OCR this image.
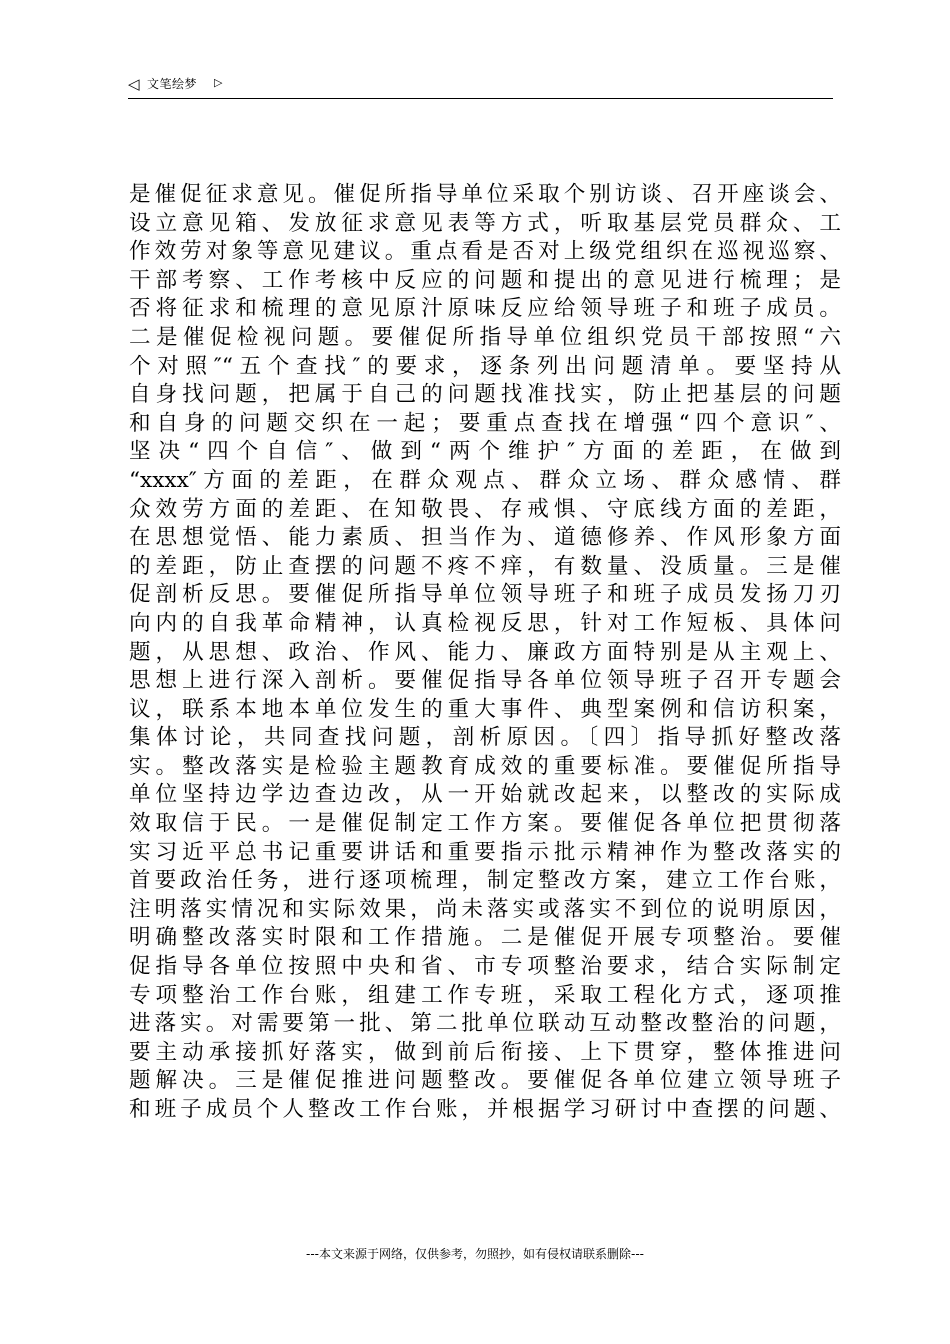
◁ 文笔绘梦 ▷
是催促征求意见。催促所指导单位采取个别访谈、召开座谈会、
设立意见箱、发放征求意见表等方式，听取基层党员群众、工
作效劳对象等意见建议。重点看是否对上级党组织在巡视巡察、
干部考察、工作考核中反应的问题和提出的意见进行梳理；是
否将征求和梳理的意见原汁原味反应给领导班子和班子成员。
二是催促检视问题。要催促所指导单位组织党员干部按照“六
个对照″“五个查找″的要求，逐条列出问题清单。要坚持从
自身找问题，把属于自己的问题找准找实，防止把基层的问题
和自身的问题交织在一起；要重点查找在增强“四个意识″、
坚决“四个自信″、做到“两个维护″方面的差距，在做到
“xxxx″方面的差距，在群众观点、群众立场、群众感情、群
众效劳方面的差距、在知敬畏、存戒惧、守底线方面的差距，
在思想觉悟、能力素质、担当作为、道德修养、作风形象方面
的差距，防止查摆的问题不疼不痒，有数量、没质量。三是催
促剖析反思。要催促所指导单位领导班子和班子成员发扬刀刃
向内的自我革命精神，认真检视反思，针对工作短板、具体问
题，从思想、政治、作风、能力、廉政方面特别是从主观上、
思想上进行深入剖析。要催促指导各单位领导班子召开专题会
议，联系本地本单位发生的重大事件、典型案例和信访积案，
集体讨论，共同查找问题，剖析原因。〔四〕指导抓好整改落
实。整改落实是检验主题教育成效的重要标准。要催促所指导
单位坚持边学边查边改，从一开始就改起来，以整改的实际成
效取信于民。一是催促制定工作方案。要催促各单位把贯彻落
实习近平总书记重要讲话和重要指示批示精神作为整改落实的
首要政治任务，进行逐项梳理，制定整改方案，建立工作台账，
注明落实情况和实际效果，尚未落实或落实不到位的说明原因，
明确整改落实时限和工作措施。二是催促开展专项整治。要催
促指导各单位按照中央和省、市专项整治要求，结合实际制定
专项整治工作台账，组建工作专班，采取工程化方式，逐项推
进落实。对需要第一批、第二批单位联动互动整改整治的问题，
要主动承接抓好落实，做到前后衔接、上下贯穿，整体推进问
题解决。三是催促推进问题整改。要催促各单位建立领导班子
和班子成员个人整改工作台账，并根据学习研讨中查摆的问题、
---本文来源于网络，仅供参考，勿照抄，如有侵权请联系删除---
